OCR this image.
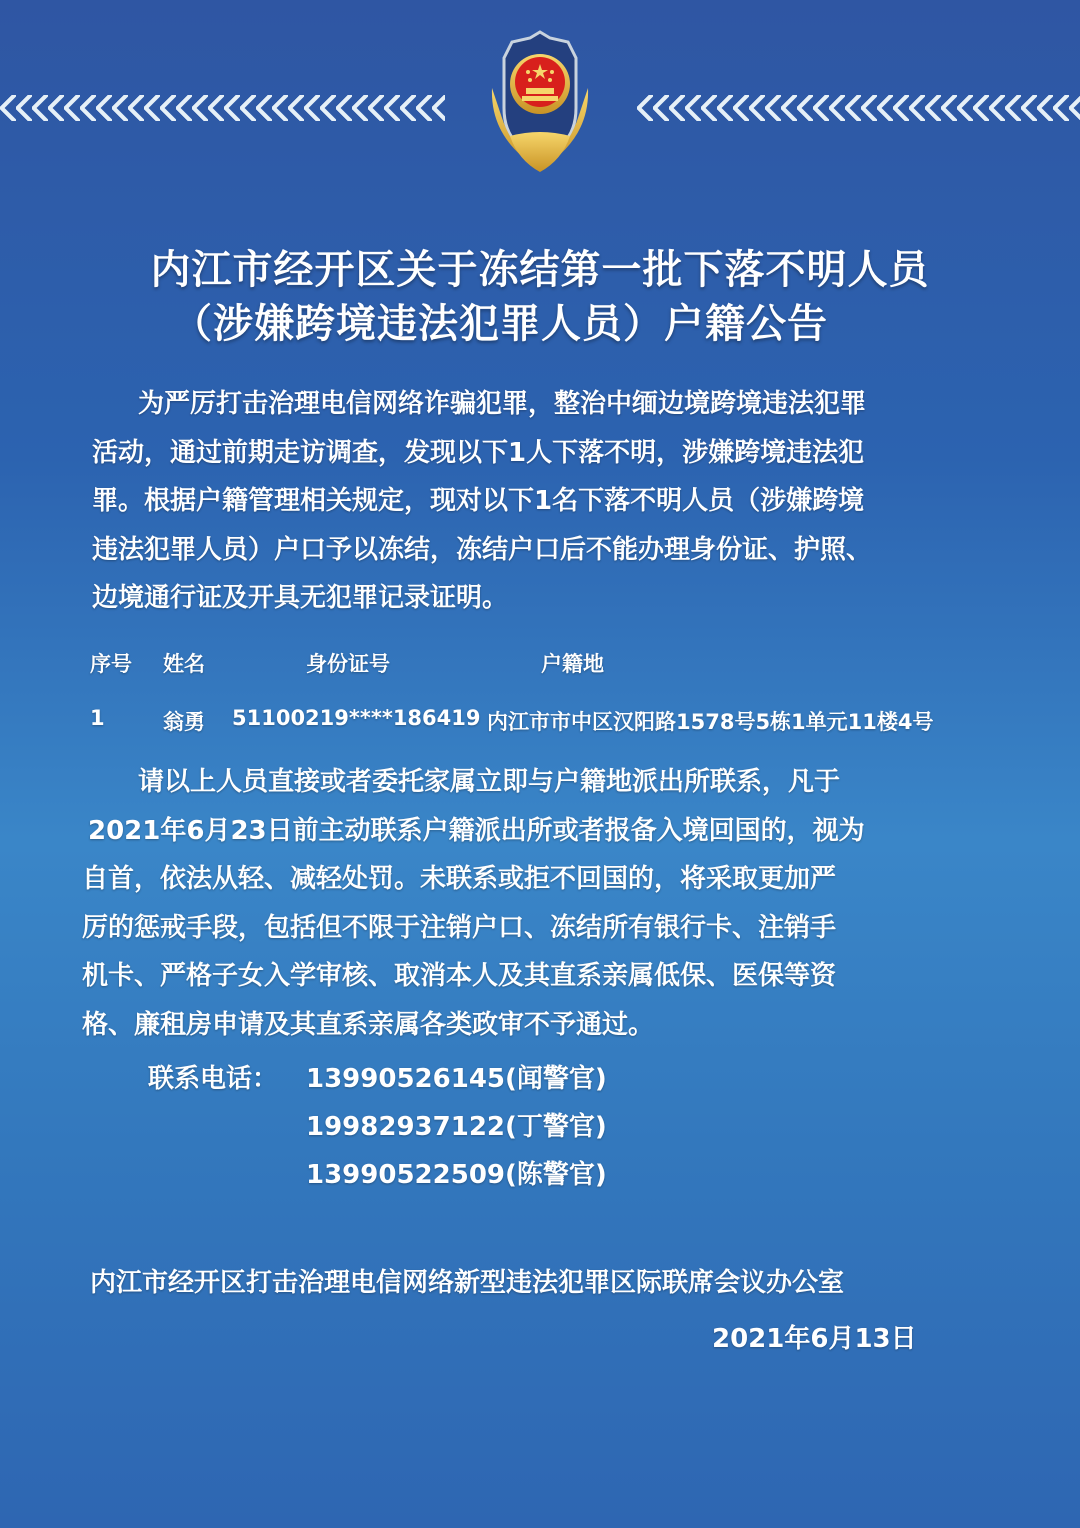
内江市经开区关于冻结第一批下落不明人员
（涉嫌跨境违法犯罪人员）户籍公告
为严厉打击治理电信网络诈骗犯罪，整治中缅边境跨境违法犯罪
活动，通过前期走访调查，发现以下1人下落不明，涉嫌跨境违法犯
罪。根据户籍管理相关规定，现对以下1名下落不明人员（涉嫌跨境
违法犯罪人员）户口予以冻结，冻结户口后不能办理身份证、护照、
边境通行证及开具无犯罪记录证明。
序号 姓名	身份证号	户籍地
1	翁勇 51100219****186419 内江市市中区汉阳路1578号5栋1单元11楼4号
请以上人员直接或者委托家属立即与户籍地派出所联系，凡于
2021年6月23日前主动联系户籍派出所或者报备入境回国的，视为
自首，依法从轻、减轻处罚。未联系或拒不回国的，将采取更加严
厉的惩戒手段，包括但不限于注销户口、冻结所有银行卡、注销手
机卡、严格子女入学审核、取消本人及其直系亲属低保、医保等资
格、廉租房申请及其直系亲属各类政审不予通过。
联系电话： 13990526145(闻警官)
19982937122(丁警官)
13990522509(陈警官)
内江市经开区打击治理电信网络新型违法犯罪区际联席会议办公室
2021年6月13日
